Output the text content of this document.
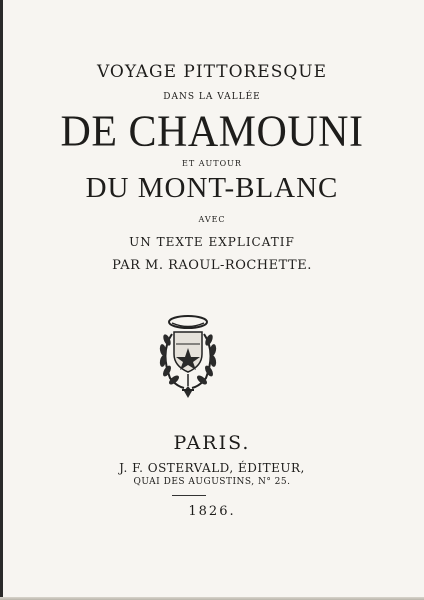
VOYAGE PITTORESQUE
DANS LA VALLÉE
DE CHAMOUNI
ET AUTOUR
DU MONT-BLANC
AVEC
UN TEXTE EXPLICATIF
PAR M. RAOUL-ROCHETTE.
PARIS.
J. F. OSTERVALD, ÉDITEUR,
QUAI DES AUGUSTINS, N° 25.
1826.
